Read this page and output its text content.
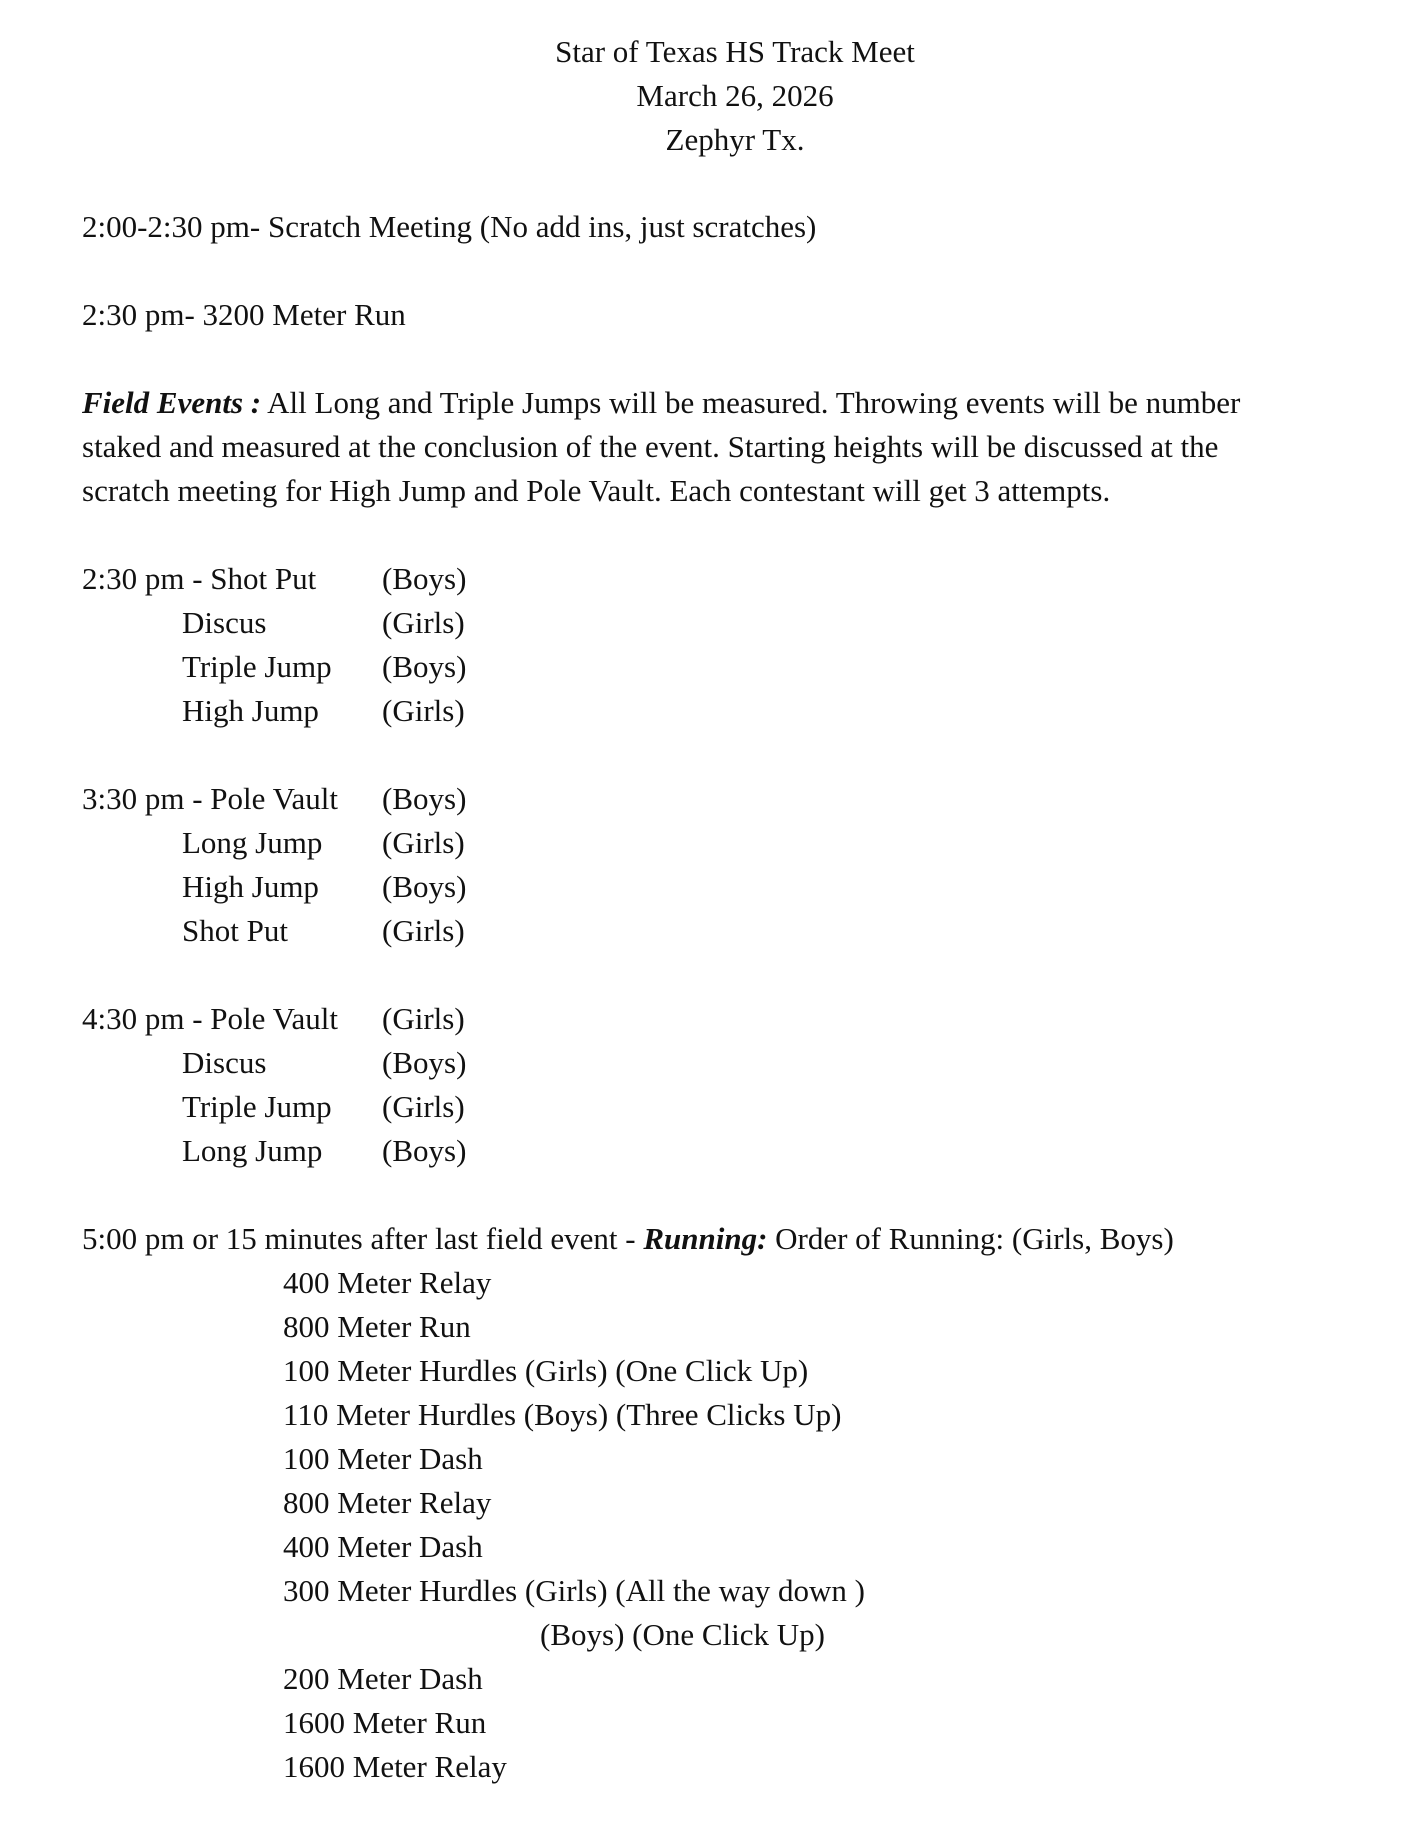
Star of Texas HS Track Meet
March 26, 2026
Zephyr Tx.
2:00-2:30 pm- Scratch Meeting (No add ins, just scratches)
2:30 pm- 3200 Meter Run
Field Events : All Long and Triple Jumps will be measured. Throwing events will be number
staked and measured at the conclusion of the event. Starting heights will be discussed at the
scratch meeting for High Jump and Pole Vault. Each contestant will get 3 attempts.
2:30 pm - Shot Put (Boys)
Discus	(Girls)
Triple Jump (Boys)
High Jump (Girls)
3:30 pm - Pole Vault (Boys)
Long Jump (Girls)
High Jump (Boys)
Shot Put	(Girls)
4:30 pm - Pole Vault (Girls)
Discus	(Boys)
Triple Jump (Girls)
Long Jump (Boys)
5:00 pm or 15 minutes after last field event - Running: Order of Running: (Girls, Boys)
400 Meter Relay
800 Meter Run
100 Meter Hurdles (Girls) (One Click Up)
110 Meter Hurdles (Boys) (Three Clicks Up)
100 Meter Dash
800 Meter Relay
400 Meter Dash
300 Meter Hurdles (Girls) (All the way down )
(Boys) (One Click Up)
200 Meter Dash
1600 Meter Run
1600 Meter Relay
